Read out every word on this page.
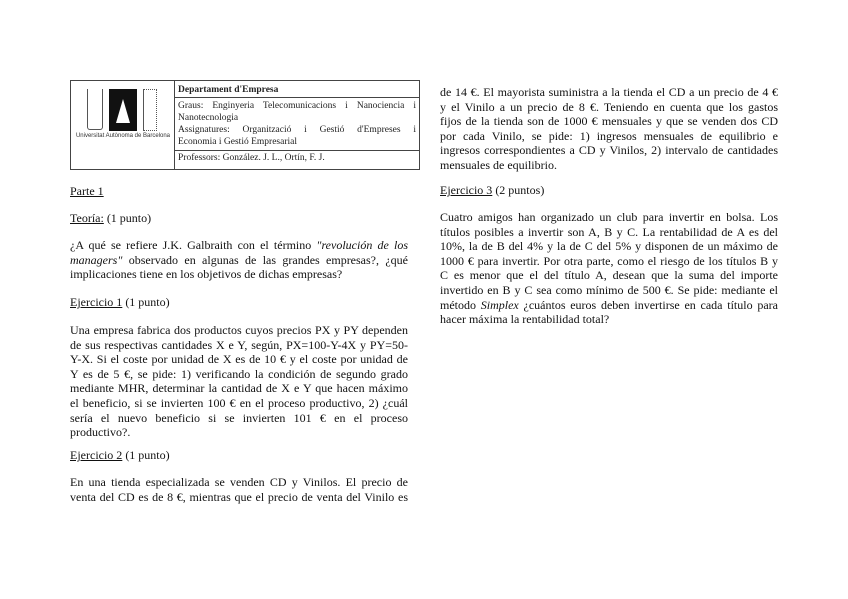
Universitat Autònoma de Barcelona
Departament d'Empresa
Graus: Enginyeria Telecomunicacions i Nanociencia i
Nanotecnologia
Assignatures: Organització i Gestió d'Empreses i
Economia i Gestió Empresarial
Professors: González. J. L., Ortín, F. J.
Parte 1
Teoría: (1 punto)
¿A qué se refiere J.K. Galbraith con el término "revolución de los
managers" observado en algunas de las grandes empresas?, ¿qué
implicaciones tiene en los objetivos de dichas empresas?
Ejercicio 1 (1 punto)
Una empresa fabrica dos productos cuyos precios PX y PY dependen
de sus respectivas cantidades X e Y, según, PX=100-Y-4X y PY=50-
Y-X. Si el coste por unidad de X es de 10 € y el coste por unidad de
Y es de 5 €, se pide: 1) verificando la condición de segundo grado
mediante MHR, determinar la cantidad de X e Y que hacen máximo
el beneficio, si se invierten 100 € en el proceso productivo, 2) ¿cuál
sería el nuevo beneficio si se invierten 101 € en el proceso
productivo?.
Ejercicio 2 (1 punto)
En una tienda especializada se venden CD y Vinilos. El precio de
venta del CD es de 8 €, mientras que el precio de venta del Vinilo es
de 14 €. El mayorista suministra a la tienda el CD a un precio de 4 €
y el Vinilo a un precio de 8 €. Teniendo en cuenta que los gastos
fijos de la tienda son de 1000 € mensuales y que se venden dos CD
por cada Vinilo, se pide: 1) ingresos mensuales de equilibrio e
ingresos correspondientes a CD y Vinilos, 2) intervalo de cantidades
mensuales de equilibrio.
Ejercicio 3 (2 puntos)
Cuatro amigos han organizado un club para invertir en bolsa. Los
títulos posibles a invertir son A, B y C. La rentabilidad de A es del
10%, la de B del 4% y la de C del 5% y disponen de un máximo de
1000 € para invertir. Por otra parte, como el riesgo de los títulos B y
C es menor que el del título A, desean que la suma del importe
invertido en B y C sea como mínimo de 500 €. Se pide: mediante el
método Simplex ¿cuántos euros deben invertirse en cada título para
hacer máxima la rentabilidad total?
